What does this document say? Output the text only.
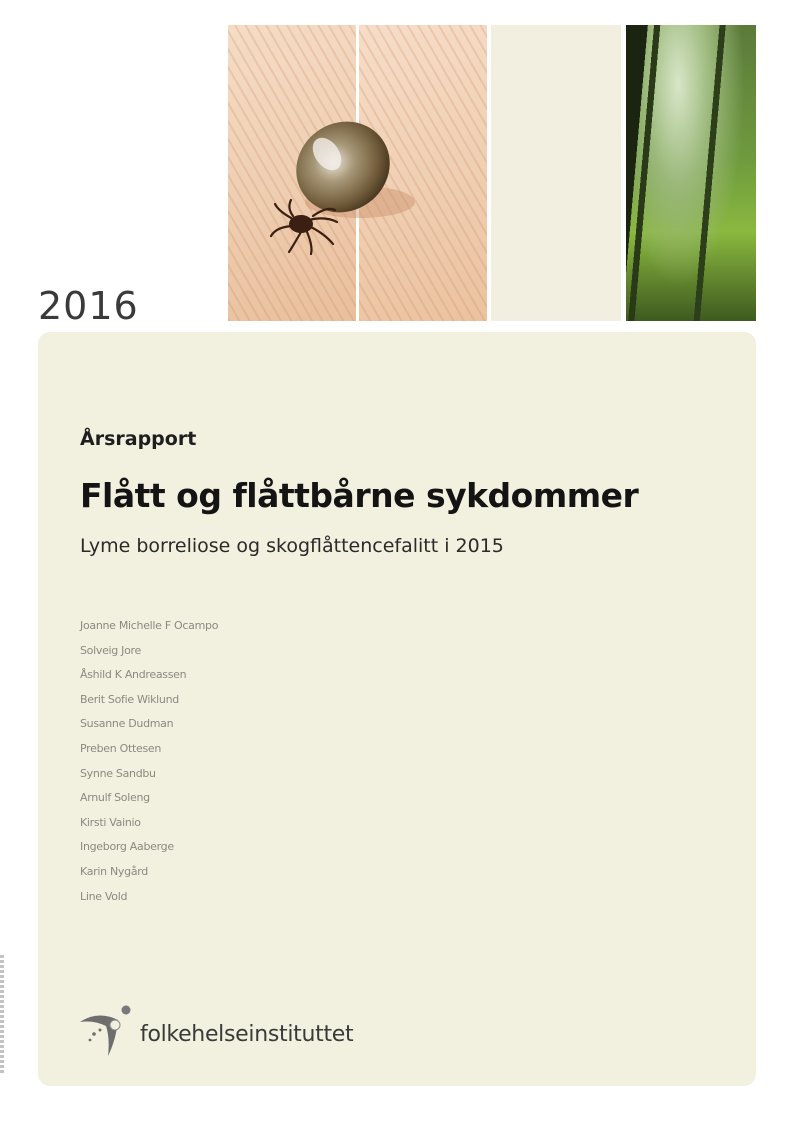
2016
Årsrapport
Flått og flåttbårne sykdommer
Lyme borreliose og skogflåttencefalitt i 2015
Joanne Michelle F Ocampo
Solveig Jore
Åshild K Andreassen
Berit Sofie Wiklund
Susanne Dudman
Preben Ottesen
Synne Sandbu
Arnulf Soleng
Kirsti Vainio
Ingeborg Aaberge
Karin Nygård
Line Vold
folkehelseinstituttet
